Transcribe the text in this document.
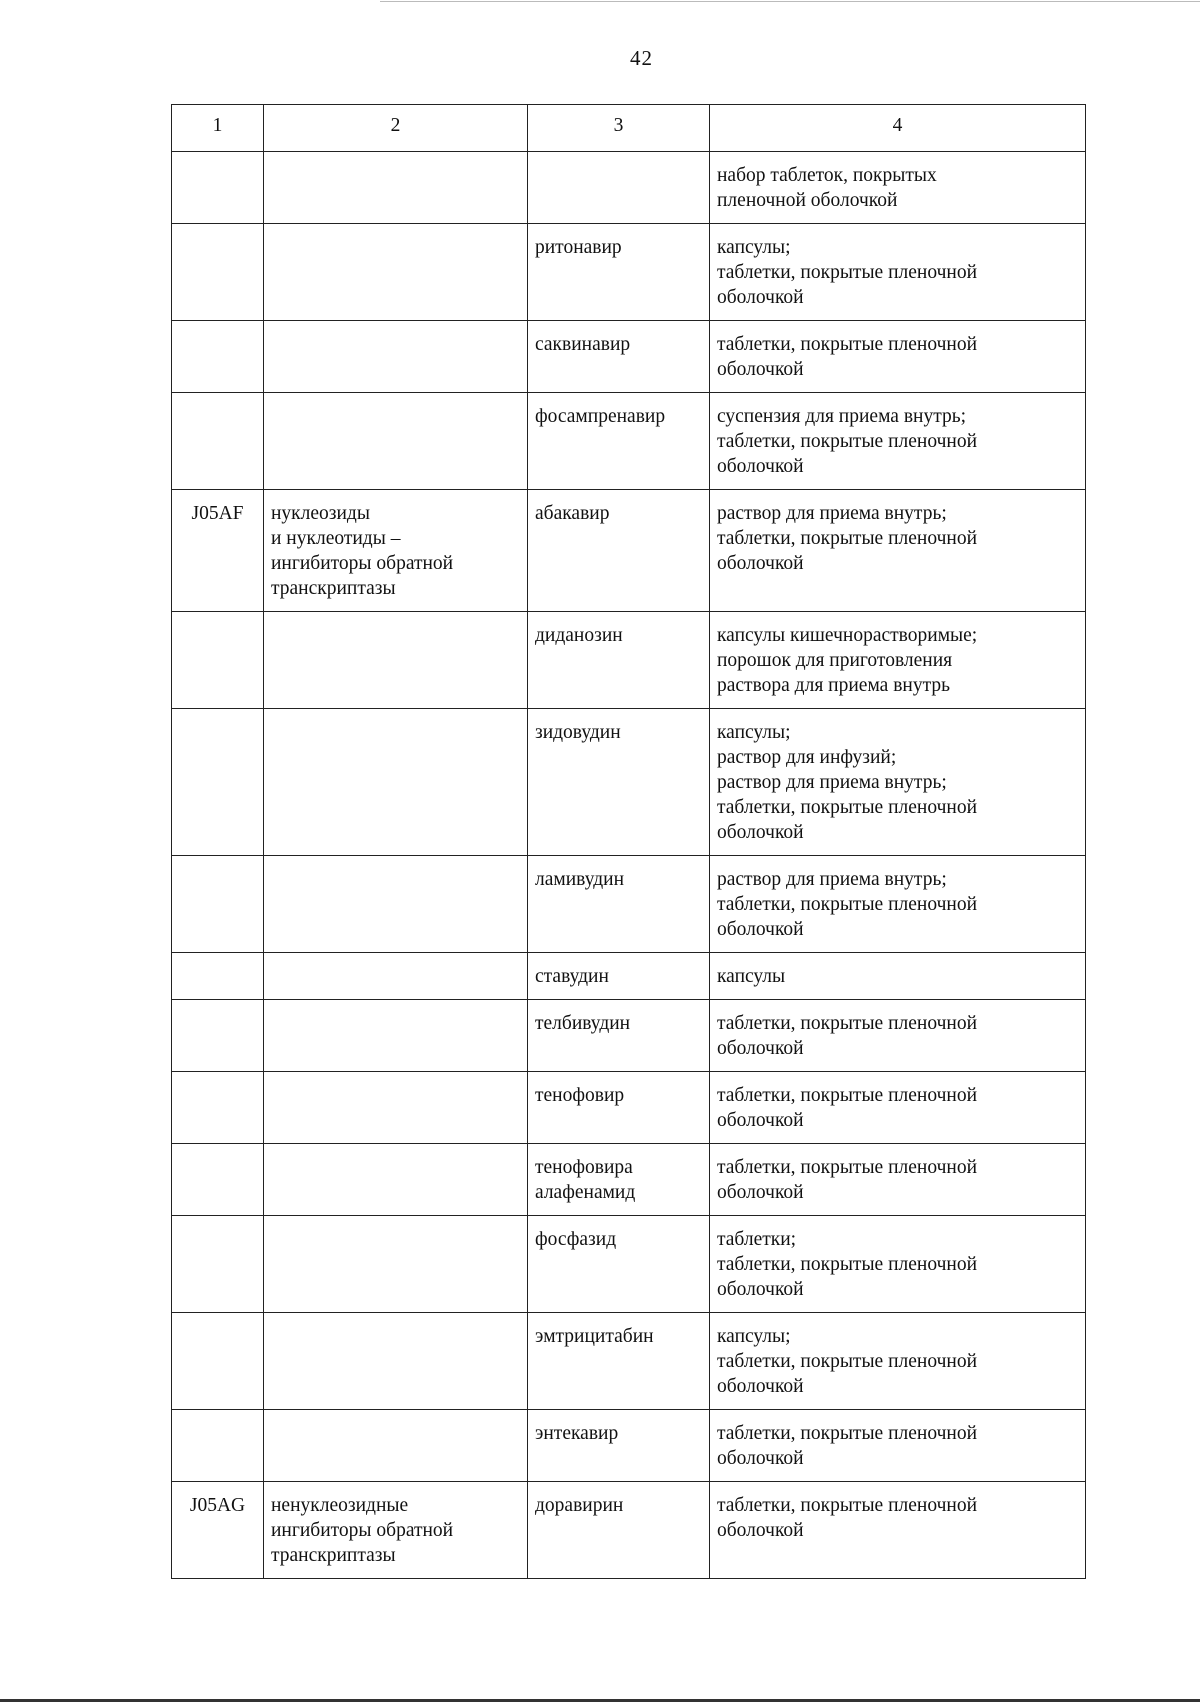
42
1	2	3	4
			набор таблеток, покрытых
пленочной оболочкой
		ритонавир	капсулы;
таблетки, покрытые пленочной
оболочкой
		саквинавир	таблетки, покрытые пленочной
оболочкой
		фосампренавир	суспензия для приема внутрь;
таблетки, покрытые пленочной
оболочкой
J05AF	нуклеозиды
и нуклеотиды –
ингибиторы обратной
транскриптазы	абакавир	раствор для приема внутрь;
таблетки, покрытые пленочной
оболочкой
		диданозин	капсулы кишечнорастворимые;
порошок для приготовления
раствора для приема внутрь
		зидовудин	капсулы;
раствор для инфузий;
раствор для приема внутрь;
таблетки, покрытые пленочной
оболочкой
		ламивудин	раствор для приема внутрь;
таблетки, покрытые пленочной
оболочкой
		ставудин	капсулы
		телбивудин	таблетки, покрытые пленочной
оболочкой
		тенофовир	таблетки, покрытые пленочной
оболочкой
		тенофовира
алафенамид	таблетки, покрытые пленочной
оболочкой
		фосфазид	таблетки;
таблетки, покрытые пленочной
оболочкой
		эмтрицитабин	капсулы;
таблетки, покрытые пленочной
оболочкой
		энтекавир	таблетки, покрытые пленочной
оболочкой
J05AG	ненуклеозидные
ингибиторы обратной
транскриптазы	доравирин	таблетки, покрытые пленочной
оболочкой
